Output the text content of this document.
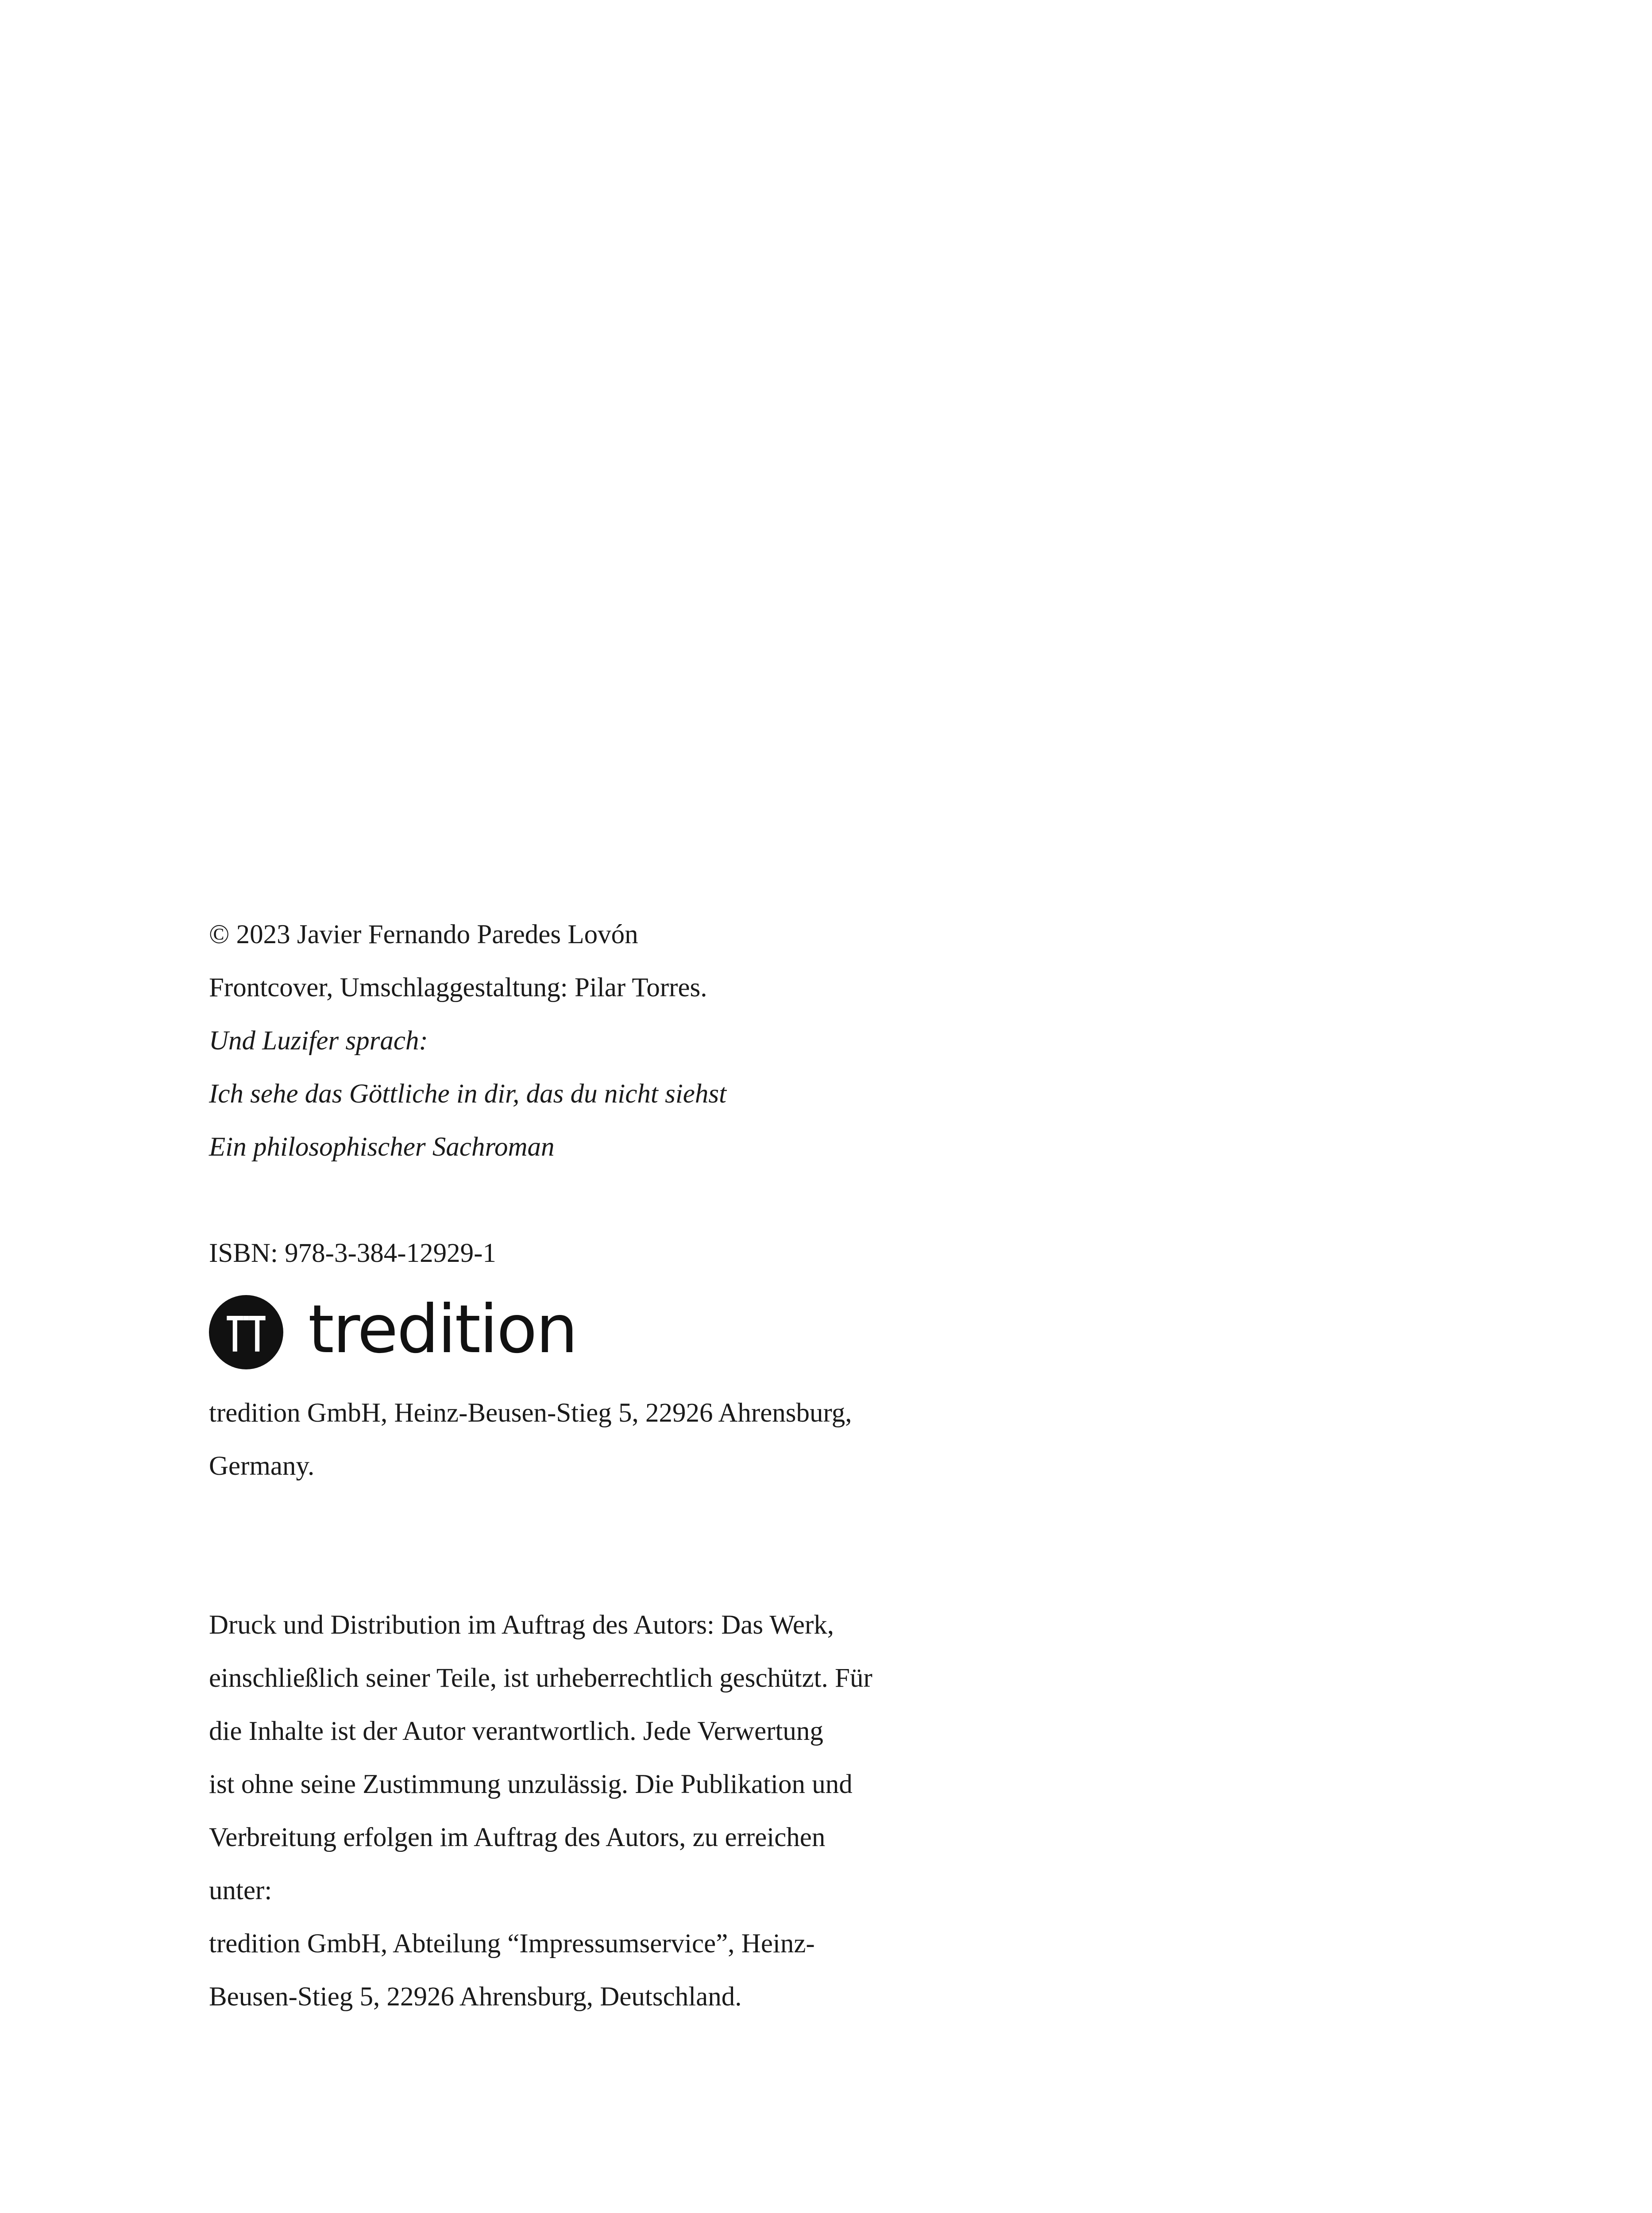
© 2023 Javier Fernando Paredes Lovón
Frontcover, Umschlaggestaltung: Pilar Torres.
Und Luzifer sprach:
Ich sehe das Göttliche in dir, das du nicht siehst
Ein philosophischer Sachroman
ISBN: 978-3-384-12929-1
tredition
tredition GmbH, Heinz-Beusen-Stieg 5, 22926 Ahrensburg,
Germany.
Druck und Distribution im Auftrag des Autors: Das Werk,
einschließlich seiner Teile, ist urheberrechtlich geschützt. Für
die Inhalte ist der Autor verantwortlich. Jede Verwertung
ist ohne seine Zustimmung unzulässig. Die Publikation und
Verbreitung erfolgen im Auftrag des Autors, zu erreichen
unter:
tredition GmbH, Abteilung “Impressumservice”, Heinz-
Beusen-Stieg 5, 22926 Ahrensburg, Deutschland.
